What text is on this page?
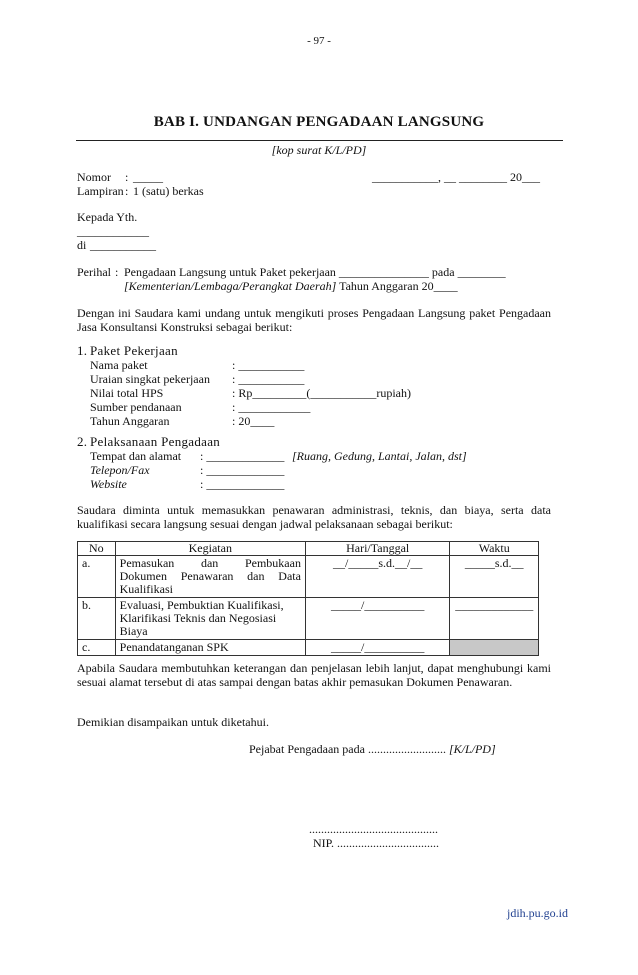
- 97 -
BAB I. UNDANGAN PENGADAAN LANGSUNG
[kop surat K/L/PD]
Nomor : _____	___________, __ ________ 20___
Lampiran : 1 (satu) berkas
Kepada Yth.
____________
di ___________
Perihal : Pengadaan Langsung untuk Paket pekerjaan _______________ pada ________
[Kementerian/Lembaga/Perangkat Daerah] Tahun Anggaran 20____
Dengan ini Saudara kami undang untuk mengikuti proses Pengadaan Langsung paket Pengadaan Jasa Konsultansi Konstruksi sebagai berikut:
1. Paket Pekerjaan
Nama paket	: ___________
Uraian singkat pekerjaan : ___________
Nilai total HPS	: Rp_________(___________rupiah)
Sumber pendanaan	: ____________
Tahun Anggaran	: 20____
2. Pelaksanaan Pengadaan
Tempat dan alamat : _____________ [Ruang, Gedung, Lantai, Jalan, dst]
Telepon/Fax	: _____________
Website	: _____________
Saudara diminta untuk memasukkan penawaran administrasi, teknis, dan biaya, serta data kualifikasi secara langsung sesuai dengan jadwal pelaksanaan sebagai berikut:
No	Kegiatan	Hari/Tanggal	Waktu
a.	Pemasukan dan Pembukaan Dokumen Penawaran dan Data Kualifikasi	__/_____s.d.__/__	_____s.d.__
b.	Evaluasi, Pembuktian Kualifikasi, Klarifikasi Teknis dan Negosiasi Biaya	_____/__________	_____________
c.	Penandatanganan SPK	_____/__________	
Apabila Saudara membutuhkan keterangan dan penjelasan lebih lanjut, dapat menghubungi kami sesuai alamat tersebut di atas sampai dengan batas akhir pemasukan Dokumen Penawaran.
Demikian disampaikan untuk diketahui.
Pejabat Pengadaan pada .......................... [K/L/PD]
...........................................
NIP. ..................................
jdih.pu.go.id
